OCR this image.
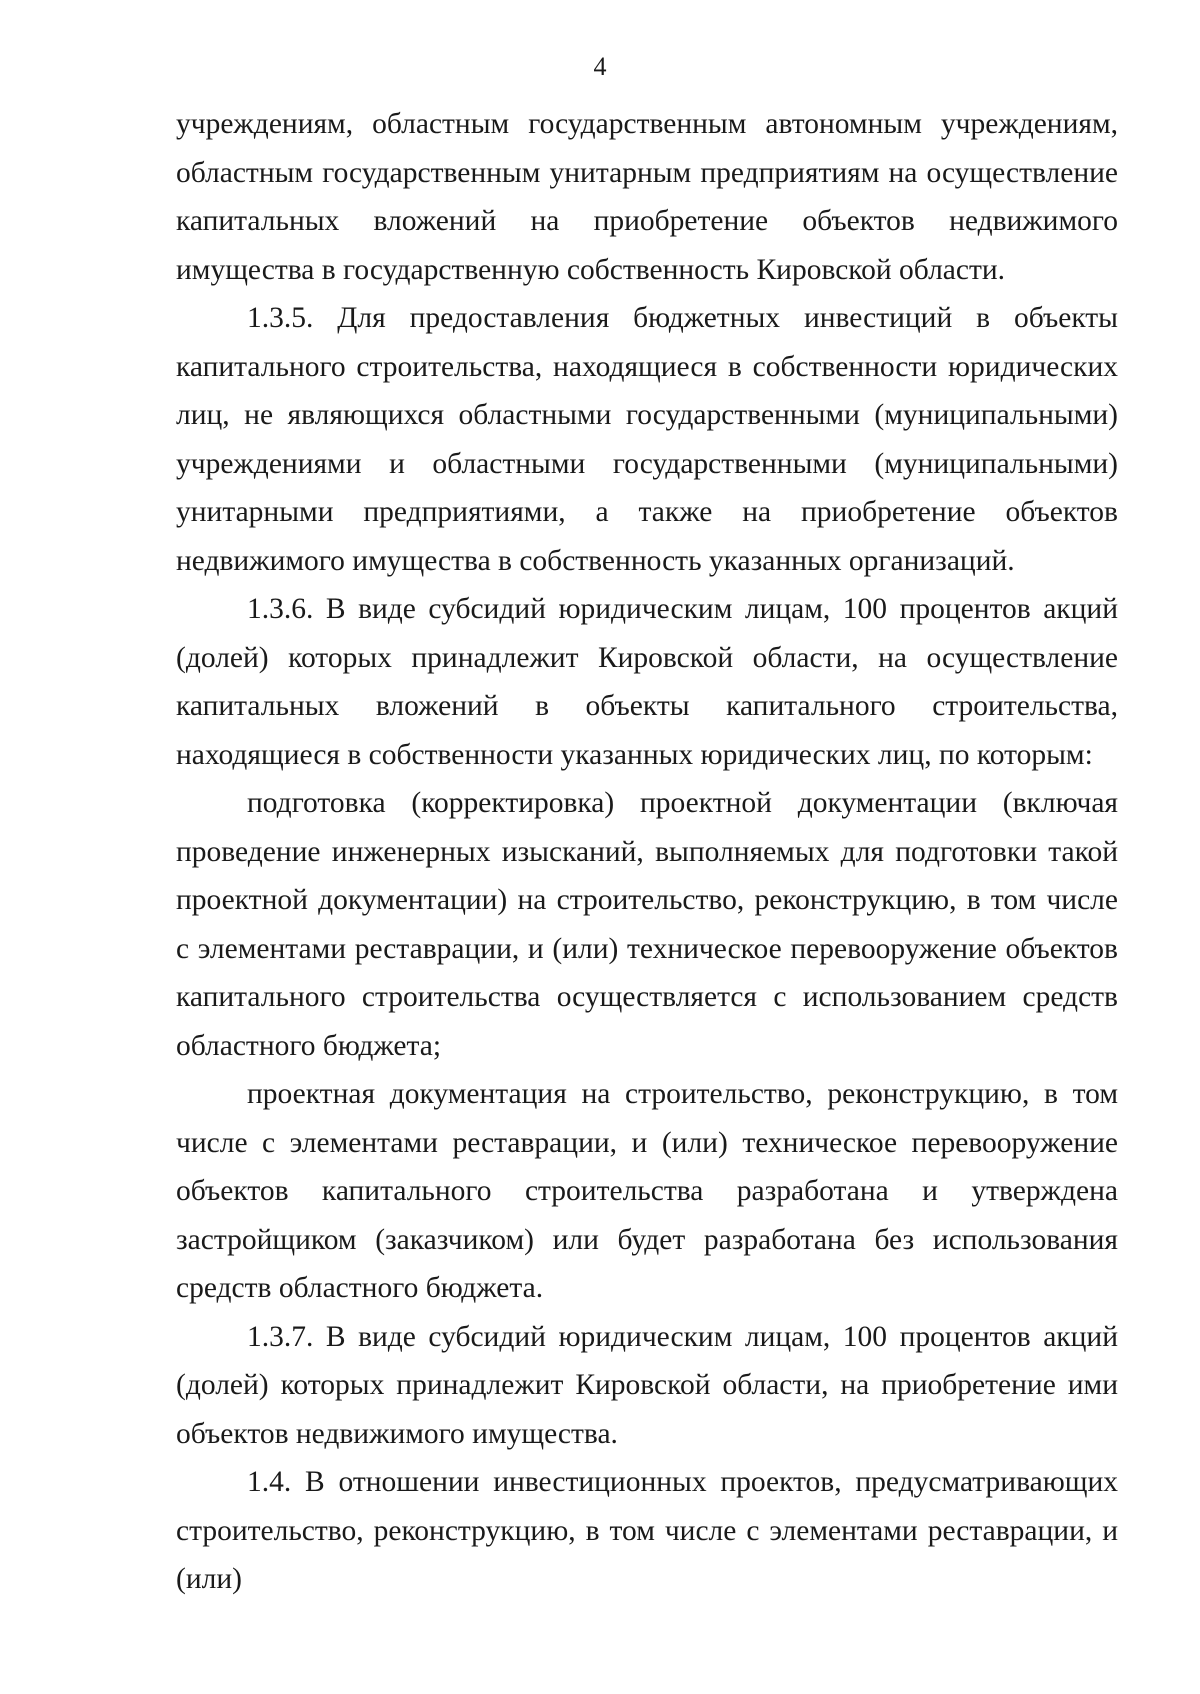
4

учреждениям, областным государственным автономным учреждениям, областным государственным унитарным предприятиям на осуществление капитальных вложений на приобретение объектов недвижимого имущества в государственную собственность Кировской области.

1.3.5. Для предоставления бюджетных инвестиций в объекты капитального строительства, находящиеся в собственности юридических лиц, не являющихся областными государственными (муниципальными) учреждениями и областными государственными (муниципальными) унитарными предприятиями, а также на приобретение объектов недвижимого имущества в собственность указанных организаций.

1.3.6. В виде субсидий юридическим лицам, 100 процентов акций (долей) которых принадлежит Кировской области, на осуществление капитальных вложений в объекты капитального строительства, находящиеся в собственности указанных юридических лиц, по которым:

подготовка (корректировка) проектной документации (включая проведение инженерных изысканий, выполняемых для подготовки такой проектной документации) на строительство, реконструкцию, в том числе с элементами реставрации, и (или) техническое перевооружение объектов капитального строительства осуществляется с использованием средств областного бюджета;

проектная документация на строительство, реконструкцию, в том числе с элементами реставрации, и (или) техническое перевооружение объектов капитального строительства разработана и утверждена застройщиком (заказчиком) или будет разработана без использования средств областного бюджета.

1.3.7. В виде субсидий юридическим лицам, 100 процентов акций (долей) которых принадлежит Кировской области, на приобретение ими объектов недвижимого имущества.

1.4. В отношении инвестиционных проектов, предусматривающих строительство, реконструкцию, в том числе с элементами реставрации, и (или)
